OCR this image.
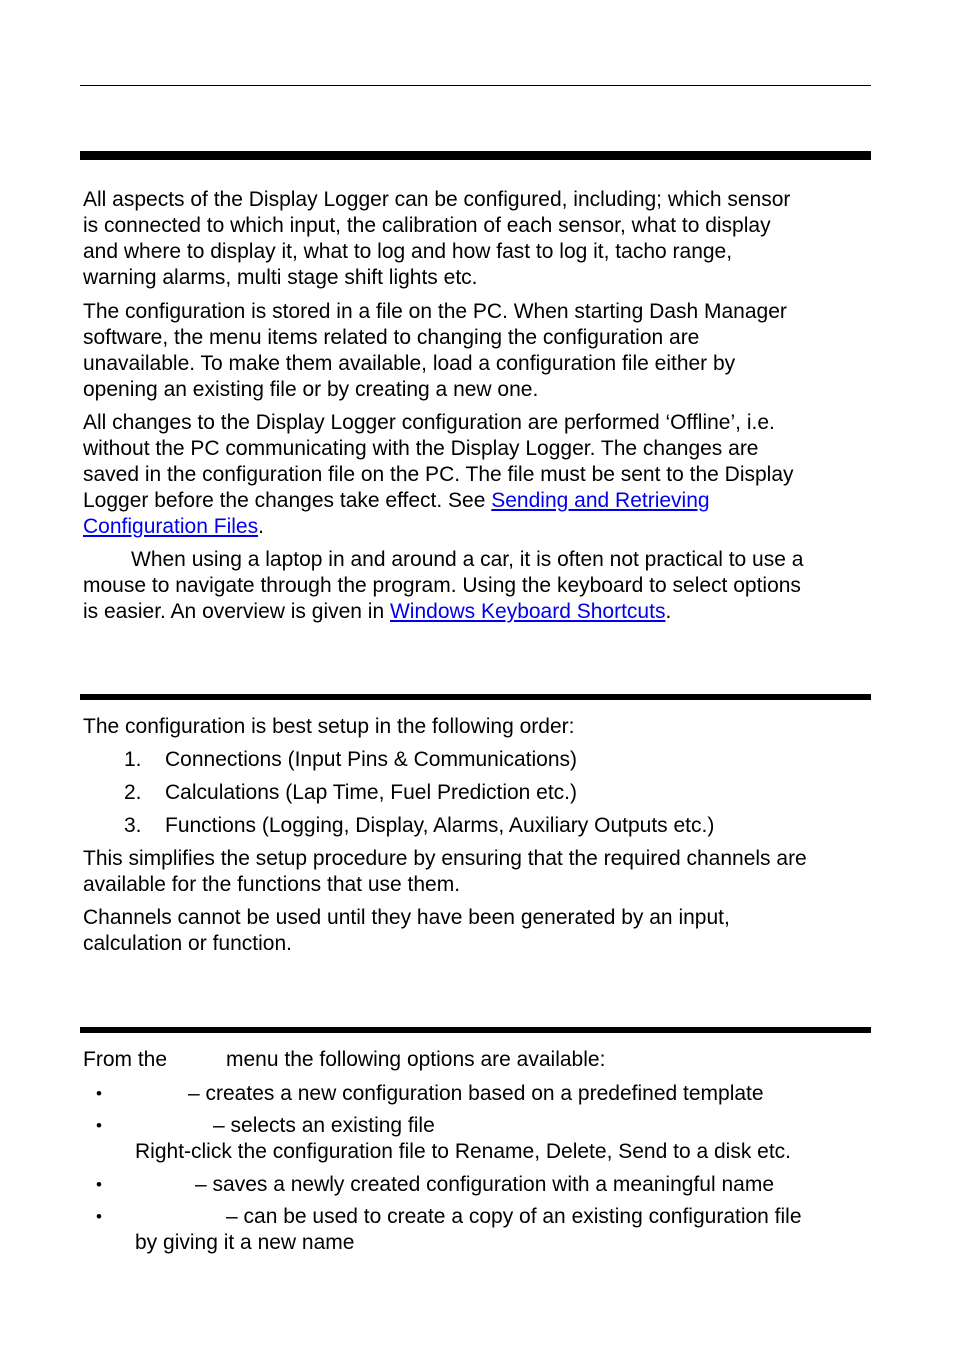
All aspects of the Display Logger can be configured, including; which sensor
is connected to which input, the calibration of each sensor, what to display
and where to display it, what to log and how fast to log it, tacho range,
warning alarms, multi stage shift lights etc.

The configuration is stored in a file on the PC. When starting Dash Manager
software, the menu items related to changing the configuration are
unavailable. To make them available, load a configuration file either by
opening an existing file or by creating a new one.

All changes to the Display Logger configuration are performed ‘Offline’, i.e.
without the PC communicating with the Display Logger. The changes are
saved in the configuration file on the PC. The file must be sent to the Display
Logger before the changes take effect. See Sending and Retrieving
Configuration Files.

When using a laptop in and around a car, it is often not practical to use a
mouse to navigate through the program. Using the keyboard to select options
is easier. An overview is given in Windows Keyboard Shortcuts.

The configuration is best setup in the following order:

1. Connections (Input Pins & Communications)
2. Calculations (Lap Time, Fuel Prediction etc.)
3. Functions (Logging, Display, Alarms, Auxiliary Outputs etc.)

This simplifies the setup procedure by ensuring that the required channels are
available for the functions that use them.

Channels cannot be used until they have been generated by an input,
calculation or function.

From the	menu the following options are available:
•	– creates a new configuration based on a predefined template
•	– selects an existing file
Right-click the configuration file to Rename, Delete, Send to a disk etc.
•	– saves a newly created configuration with a meaningful name
•	– can be used to create a copy of an existing configuration file
by giving it a new name
